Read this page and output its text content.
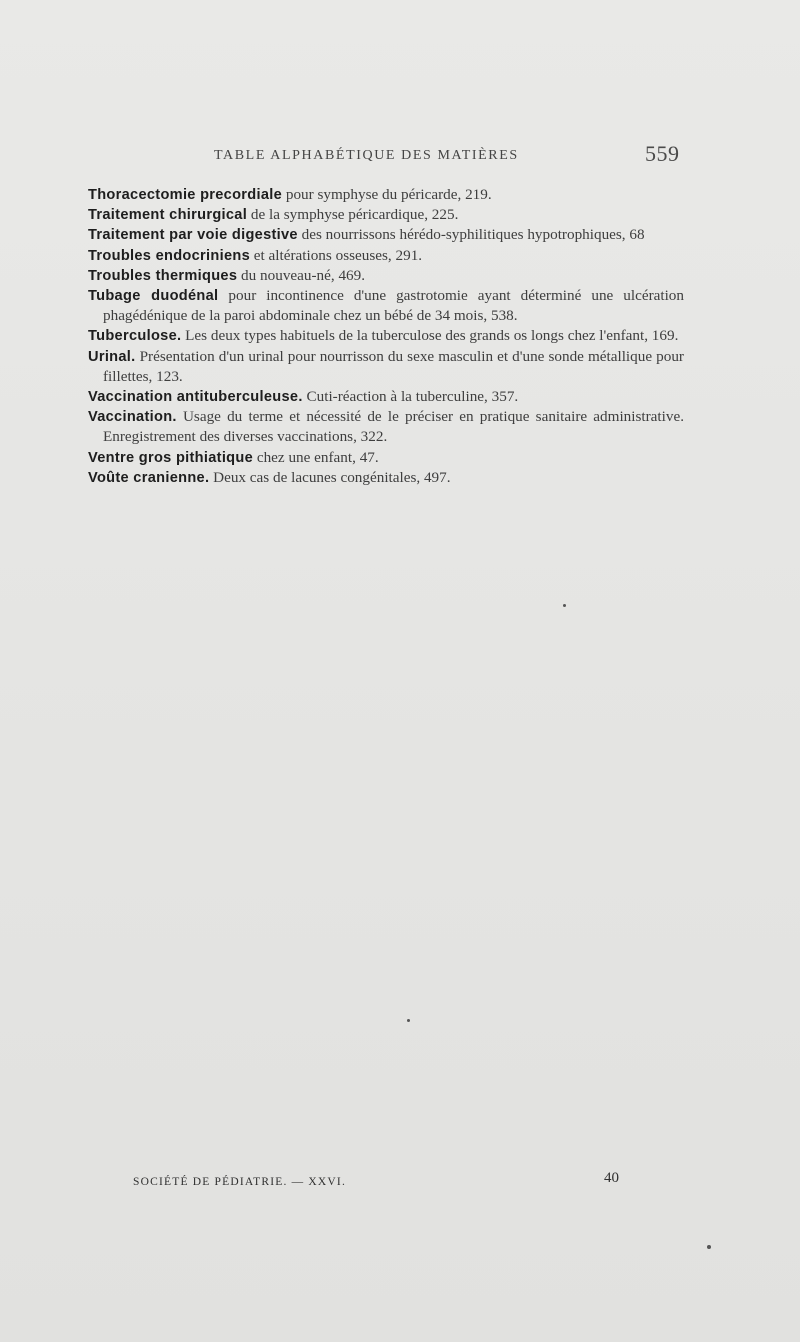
TABLE ALPHABÉTIQUE DES MATIÈRES	559
Thoracectomie precordiale pour symphyse du péricarde, 219.
Traitement chirurgical de la symphyse péricardique, 225.
Traitement par voie digestive des nourrissons hérédo-syphilitiques hypotrophiques, 68
Troubles endocriniens et altérations osseuses, 291.
Troubles thermiques du nouveau-né, 469.
Tubage duodénal pour incontinence d'une gastrotomie ayant déterminé une ulcération phagédénique de la paroi abdominale chez un bébé de 34 mois, 538.
Tuberculose. Les deux types habituels de la tuberculose des grands os longs chez l'enfant, 169.
Urinal. Présentation d'un urinal pour nourrisson du sexe masculin et d'une sonde métallique pour fillettes, 123.
Vaccination antituberculeuse. Cuti-réaction à la tuberculine, 357.
Vaccination. Usage du terme et nécessité de le préciser en pratique sanitaire administrative. Enregistrement des diverses vaccinations, 322.
Ventre gros pithiatique chez une enfant, 47.
Voûte cranienne. Deux cas de lacunes congénitales, 497.
SOCIÉTÉ DE PÉDIATRIE. — XXVI.	40
